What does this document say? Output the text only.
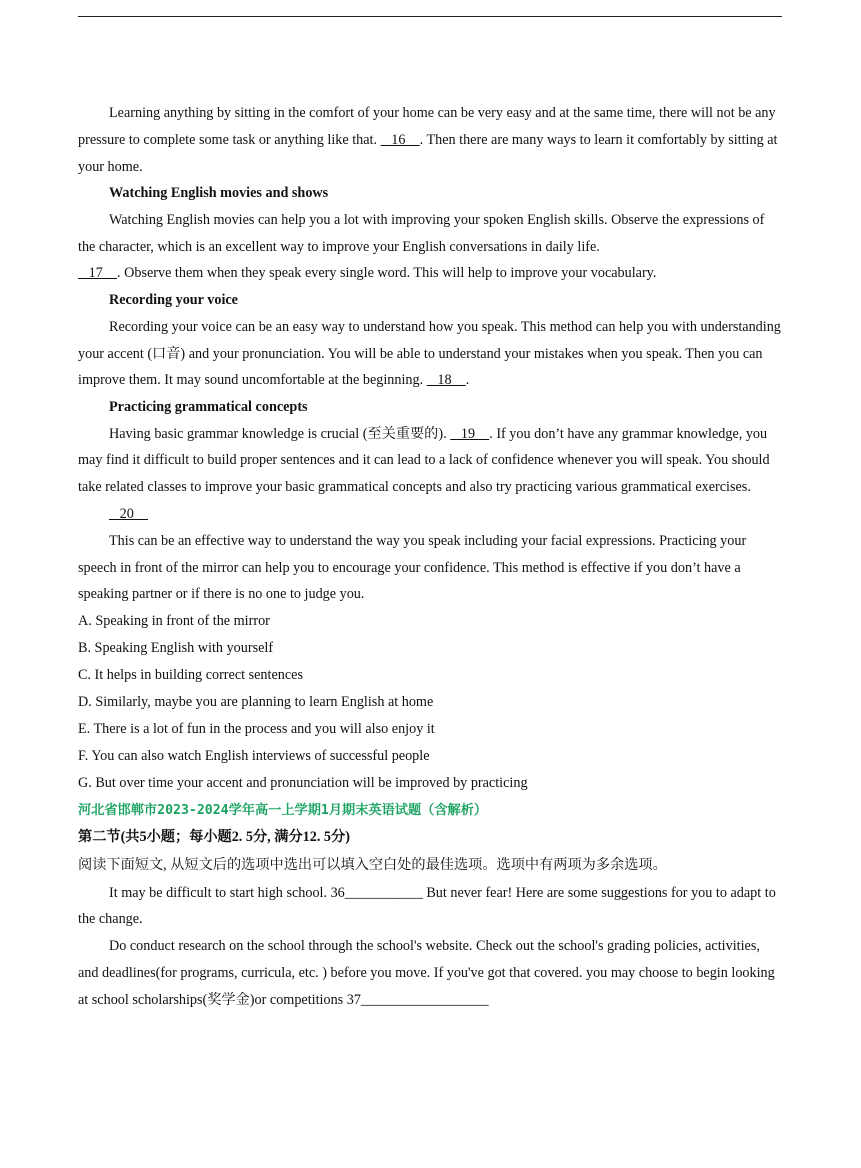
Learning anything by sitting in the comfort of your home can be very easy and at the same time, there will not be any pressure to complete some task or anything like that.    16    . Then there are many ways to learn it comfortably by sitting at your home.

Watching English movies and shows

Watching English movies can help you a lot with improving your spoken English skills. Observe the expressions of the character, which is an excellent way to improve your English conversations in daily life.
17    . Observe them when they speak every single word. This will help to improve your vocabulary.

Recording your voice

Recording your voice can be an easy way to understand how you speak. This method can help you with understanding your accent (口音) and your pronunciation. You will be able to understand your mistakes when you speak. Then you can improve them. It may sound uncomfortable at the beginning.    18    .

Practicing grammatical concepts

Having basic grammar knowledge is crucial (至关重要的).    19    . If you don’t have any grammar knowledge, you may find it difficult to build proper sentences and it can lead to a lack of confidence whenever you will speak. You should take related classes to improve your basic grammatical concepts and also try practicing various grammatical exercises.

20

This can be an effective way to understand the way you speak including your facial expressions. Practicing your speech in front of the mirror can help you to encourage your confidence. This method is effective if you don’t have a speaking partner or if there is no one to judge you.

A. Speaking in front of the mirror

B. Speaking English with yourself

C. It helps in building correct sentences

D. Similarly, maybe you are planning to learn English at home

E. There is a lot of fun in the process and you will also enjoy it

F. You can also watch English interviews of successful people

G. But over time your accent and pronunciation will be improved by practicing

河北省邯郸市2023-2024学年高一上学期1月期末英语试题（含解析）

第二节(共5小题；每小题2. 5分, 满分12. 5分)

阅读下面短文, 从短文后的选项中选出可以填入空白处的最佳选项。选项中有两项为多余选项。

It may be difficult to start high school. 36___________ But never fear! Here are some suggestions for you to adapt to the change.

Do conduct research on the school through the school's website. Check out the school's grading policies, activities, and deadlines(for programs, curricula, etc. ) before you move. If you've got that covered. you may choose to begin looking at school scholarships(奖学金)or competitions 37__________________
